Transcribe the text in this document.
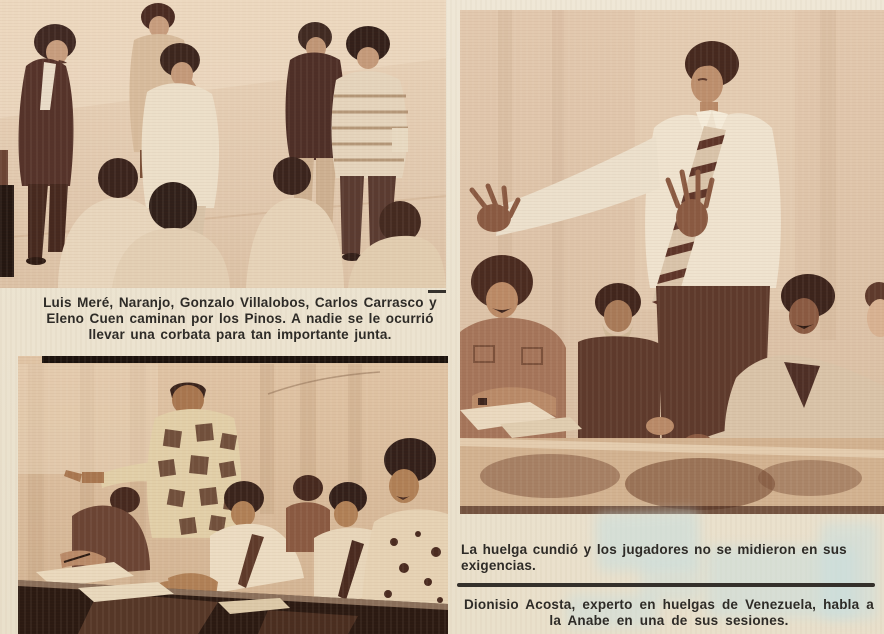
Luis Meré, Naranjo, Gonzalo Villalobos, Carlos Carrasco y Eleno Cuen caminan por los Pinos. A nadie se le ocurrió llevar una corbata para tan importante junta.
La huelga cundió y los jugadores no se midieron en sus exigencias.
Dionisio Acosta, experto en huelgas de Venezuela, habla a la Anabe en una de sus sesiones.
